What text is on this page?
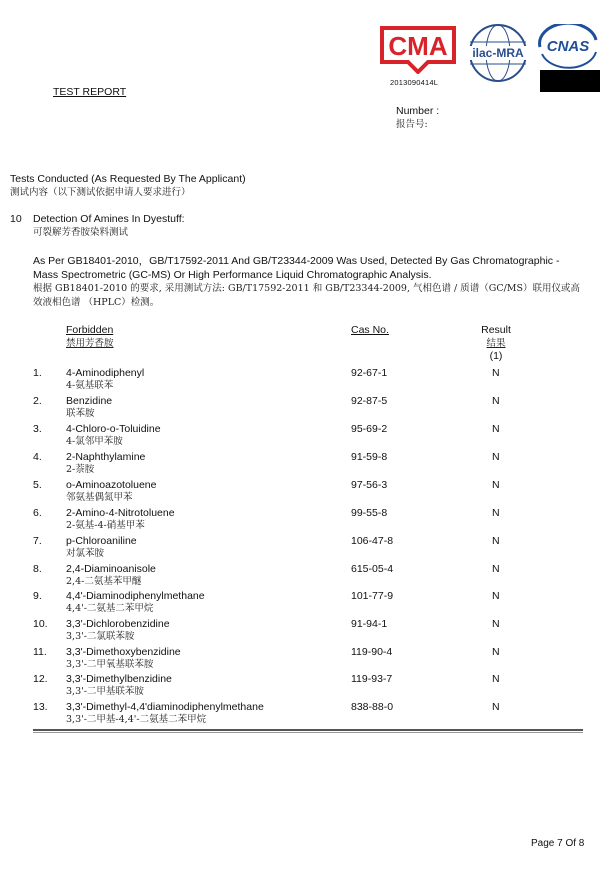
CMA
2013090414L
ilac-MRA CNAS
TEST REPORT
Number :
报告号:
Tests Conducted (As Requested By The Applicant)
测试内容（以下测试依据申请人要求进行）
10 Detection Of Amines In Dyestuff:
可裂解芳香胺染料测试
As Per GB18401-2010，GB/T17592-2011 And GB/T23344-2009 Was Used, Detected By Gas Chromatographic - Mass Spectrometric (GC-MS) Or High Performance Liquid Chromatographic Analysis.
根据 GB18401-2010 的要求, 采用测试方法: GB/T17592-2011 和 GB/T23344-2009, 气相色谱 / 质谱（GC/MS）联用仪或高效液相色谱 （HPLC）检测。
Forbidden
禁用芳香胺
Cas No.	Result
结果
(1)
1. 4-Aminodiphenyl
4-氨基联苯
92-67-1	N
2. Benzidine
联苯胺
92-87-5	N
3. 4-Chloro-o-Toluidine
4-氯邻甲苯胺
95-69-2	N
4. 2-Naphthylamine
2-萘胺
91-59-8	N
5. o-Aminoazotoluene
邻氨基偶氮甲苯
97-56-3	N
6. 2-Amino-4-Nitrotoluene
2-氨基-4-硝基甲苯
99-55-8	N
7. p-Chloroaniline
对氯苯胺
106-47-8	N
8. 2,4-Diaminoanisole
2,4-二氨基苯甲醚
615-05-4	N
9. 4,4'-Diaminodiphenylmethane
4,4'-二氨基二苯甲烷
101-77-9	N
10. 3,3'-Dichlorobenzidine
3,3'-二氯联苯胺
91-94-1	N
11. 3,3'-Dimethoxybenzidine
3,3'-二甲氧基联苯胺
119-90-4	N
12. 3,3'-Dimethylbenzidine
3,3'-二甲基联苯胺
119-93-7	N
13. 3,3'-Dimethyl-4,4'diaminodiphenylmethane
3,3'-二甲基-4,4'-二氨基二苯甲烷
838-88-0	N
Page 7 Of 8
